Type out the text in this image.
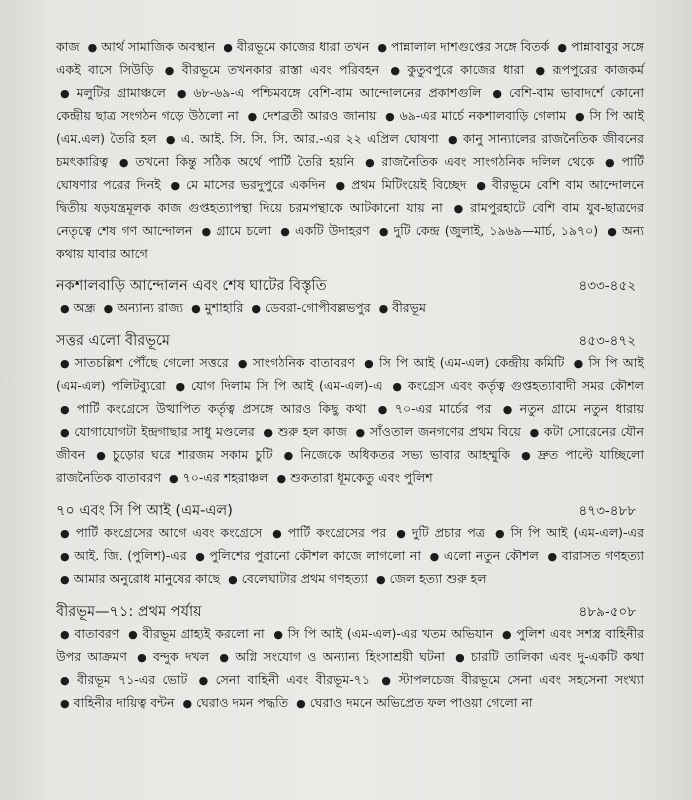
কাজ ● আর্থ সামাজিক অবস্থান ● বীরভূমে কাজের ধারা তখন ● পান্নালাল দাশগুপ্তের সঙ্গে বিতর্ক ● পান্নাবাবুর সঙ্গে একই বাসে সিউড়ি ● বীরভূমে তখনকার রাস্তা এবং পরিবহন ● কুতুবপুরে কাজের ধারা ● রূপপুরের কাজকর্ম ● মলুটির গ্রামাঞ্চলে ● ৬৮-৬৯-এ পশ্চিমবঙ্গে বেশি-বাম আন্দোলনের প্রকাশগুলি ● বেশি-বাম ভাবাদর্শে কোনো কেন্দ্রীয় ছাত্র সংগঠন গড়ে উঠলো না ● দেশব্রতী আরও জানায় ● ৬৯-এর মার্চে নকশালবাড়ি গেলাম ● সি পি আই (এম.এল) তৈরি হল ● এ. আই. সি. সি. সি. আর.-এর ২২ এপ্রিল ঘোষণা ● কানু সান্যালের রাজনৈতিক জীবনের চমৎকারিত্ব ● তখনো কিন্তু সঠিক অর্থে পার্টি তৈরি হয়নি ● রাজনৈতিক এবং সাংগঠনিক দলিল থেকে ● পার্টি ঘোষণার পরের দিনই ● মে মাসের ভরদুপুরে একদিন ● প্রথম মিটিংয়েই বিচ্ছেদ ● বীরভূমে বেশি বাম আন্দোলনে দ্বিতীয় ষড়যন্ত্রমূলক কাজ গুপ্তহত্যাপন্থা দিয়ে চরমপন্থাকে আটকানো যায় না ● রামপুরহাটে বেশি বাম যুব-ছাত্রদের নেতৃত্বে শেষ গণ আন্দোলন ● গ্রামে চলো ● একটি উদাহরণ ● দুটি কেন্দ্র (জুলাই, ১৯৬৯—মার্চ, ১৯৭০) ● অন্য কথায় যাবার আগে

নকশালবাড়ি আন্দোলন এবং শেষ ঘাটের বিস্তৃতি	৪৩৩-৪৫২

● অন্ধ্র ● অন্যান্য রাজ্য ● মুশাহারি ● ডেবরা-গোপীবল্লভপুর ● বীরভূম

সত্তর এলো বীরভূমে	৪৫৩-৪৭২

● সাতচল্লিশ পৌঁছে গেলো সত্তরে ● সাংগঠনিক বাতাবরণ ● সি পি আই (এম-এল) কেন্দ্রীয় কমিটি ● সি পি আই (এম-এল) পলিটব্যুরো ● যোগ দিলাম সি পি আই (এম-এল)-এ ● কংগ্রেস এবং কর্তৃত্ব গুপ্তহত্যাবাদী সমর কৌশল ● পার্টি কংগ্রেসে উত্থাপিত কর্তৃত্ব প্রসঙ্গে আরও কিছু কথা ● ৭০-এর মার্চের পর ● নতুন গ্রামে নতুন ধারায় ● যোগাযোগটা ইন্দ্রগাছার সাধু মণ্ডলের ● শুরু হল কাজ ● সাঁওতাল জনগণের প্রথম বিয়ে ● কটা সোরেনের যৌন জীবন ● চুড়োর ঘরে শারজম সকাম চুটি ● নিজেকে অধিকতর সভ্য ভাবার আহম্মুকি ● দ্রুত পাল্টে যাচ্ছিলো রাজনৈতিক বাতাবরণ ● ৭০-এর শহরাঞ্চল ● শুকতারা ধূমকেতু এবং পুলিশ

৭০ এবং সি পি আই (এম-এল)	৪৭৩-৪৮৮

● পার্টি কংগ্রেসের আগে এবং কংগ্রেসে ● পার্টি কংগ্রেসের পর ● দুটি প্রচার পত্র ● সি পি আই (এম-এল)-এর ● আই. জি. (পুলিশ)-এর ● পুলিশের পুরানো কৌশল কাজে লাগলো না ● এলো নতুন কৌশল ● বারাসত গণহত্যা ● আমার অনুরোধ মানুষের কাছে ● বেলেঘাটার প্রথম গণহত্যা ● জেল হত্যা শুরু হল

বীরভূম—৭১: প্রথম পর্যায়	৪৮৯-৫০৮

● বাতাবরণ ● বীরভূম গ্রাহ্যই করলো না ● সি পি আই (এম-এল)-এর খতম অভিযান ● পুলিশ এবং সশস্ত্র বাহিনীর উপর আক্রমণ ● বন্দুক দখল ● অগ্নি সংযোগ ও অন্যান্য হিংসাশ্রয়ী ঘটনা ● চারটি তালিকা এবং দু-একটি কথা ● বীরভূম ৭১-এর ভোট ● সেনা বাহিনী এবং বীরভূম-৭১ ● স্টাপলচেজ বীরভূমে সেনা এবং সহসেনা সংখ্যা ● বাহিনীর দায়িত্ব বন্টন ● ঘেরাও দমন পদ্ধতি ● ঘেরাও দমনে অভিপ্রেত ফল পাওয়া গেলো না
